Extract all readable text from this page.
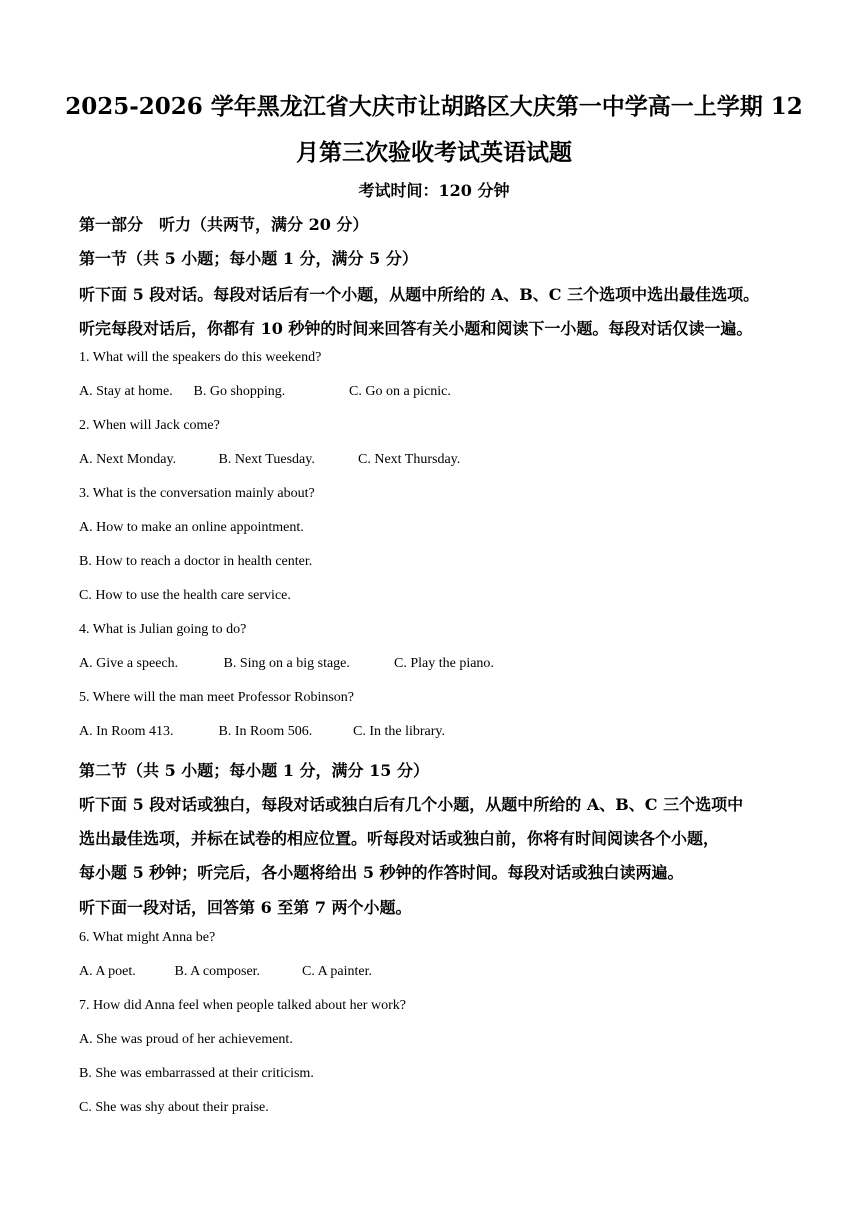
2025-2026 学年黑龙江省大庆市让胡路区大庆第一中学高一上学期 12
月第三次验收考试英语试题
考试时间：120 分钟
第一部分　听力（共两节，满分 20 分）
第一节（共 5 小题；每小题 1 分，满分 5 分）
听下面 5 段对话。每段对话后有一个小题，从题中所给的 A、B、C 三个选项中选出最佳选项。
听完每段对话后，你都有 10 秒钟的时间来回答有关小题和阅读下一小题。每段对话仅读一遍。
1. What will the speakers do this weekend?
A. Stay at home. B. Go shopping.	C. Go on a picnic.
2. When will Jack come?
A. Next Monday.	B. Next Tuesday.	C. Next Thursday.
3. What is the conversation mainly about?
A. How to make an online appointment.
B. How to reach a doctor in health center.
C. How to use the health care service.
4. What is Julian going to do?
A. Give a speech.	B. Sing on a big stage.	C. Play the piano.
5. Where will the man meet Professor Robinson?
A. In Room 413.	B. In Room 506.	C. In the library.
第二节（共 5 小题；每小题 1 分，满分 15 分）
听下面 5 段对话或独白，每段对话或独白后有几个小题，从题中所给的 A、B、C 三个选项中
选出最佳选项，并标在试卷的相应位置。听每段对话或独白前，你将有时间阅读各个小题，
每小题 5 秒钟；听完后，各小题将给出 5 秒钟的作答时间。每段对话或独白读两遍。
听下面一段对话，回答第 6 至第 7 两个小题。
6. What might Anna be?
A. A poet.	B. A composer.	C. A painter.
7. How did Anna feel when people talked about her work?
A. She was proud of her achievement.
B. She was embarrassed at their criticism.
C. She was shy about their praise.
